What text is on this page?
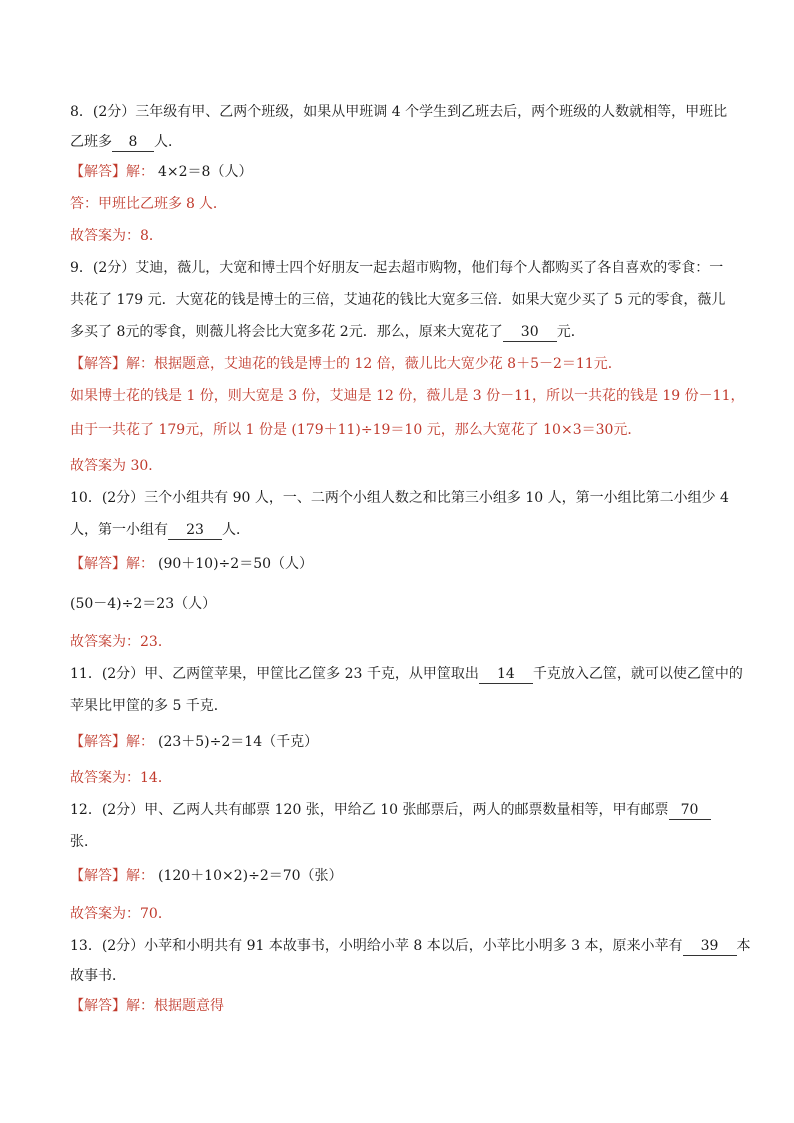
8．(2分）三年级有甲、乙两个班级，如果从甲班调 4 个学生到乙班去后，两个班级的人数就相等，甲班比
乙班多 8 人．
【解答】解： 4×2＝8（人）
答：甲班比乙班多 8 人．
故答案为：8．
9．(2分）艾迪，薇儿，大宽和博士四个好朋友一起去超市购物，他们每个人都购买了各自喜欢的零食：一
共花了 179 元．大宽花的钱是博士的三倍，艾迪花的钱比大宽多三倍．如果大宽少买了 5 元的零食，薇儿
多买了 8元的零食，则薇儿将会比大宽多花 2元．那么，原来大宽花了 30 元．
【解答】解：根据题意，艾迪花的钱是博士的 12 倍，薇儿比大宽少花 8＋5－2＝11元．
如果博士花的钱是 1 份，则大宽是 3 份，艾迪是 12 份，薇儿是 3 份－11，所以一共花的钱是 19 份－11，
由于一共花了 179元，所以 1 份是 (179＋11)÷19＝10 元，那么大宽花了 10×3＝30元．
故答案为 30．
10．(2分）三个小组共有 90 人，一、二两个小组人数之和比第三小组多 10 人，第一小组比第二小组少 4
人，第一小组有 23 人．
【解答】解： (90＋10)÷2＝50（人）
(50－4)÷2＝23（人）
故答案为：23．
11．(2分）甲、乙两筐苹果，甲筐比乙筐多 23 千克，从甲筐取出 14 千克放入乙筐，就可以使乙筐中的
苹果比甲筐的多 5 千克．
【解答】解： (23＋5)÷2＝14（千克）
故答案为：14．
12．(2分）甲、乙两人共有邮票 120 张，甲给乙 10 张邮票后，两人的邮票数量相等，甲有邮票 70
张．
【解答】解： (120＋10×2)÷2＝70（张）
故答案为：70．
13．(2分）小苹和小明共有 91 本故事书，小明给小苹 8 本以后，小苹比小明多 3 本，原来小苹有 39 本
故事书．
【解答】解：根据题意得
